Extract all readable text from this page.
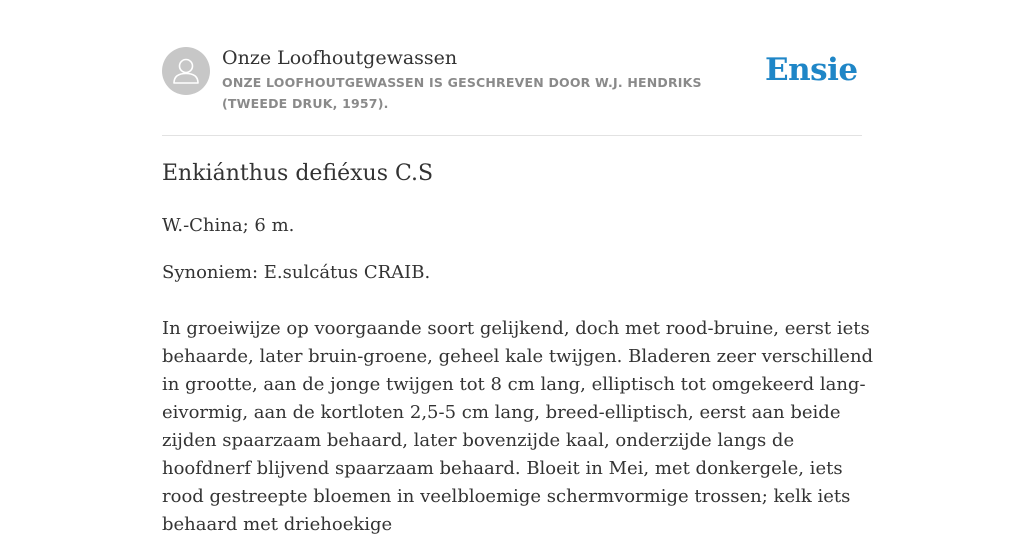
Onze Loofhoutgewassen
ONZE LOOFHOUTGEWASSEN IS GESCHREVEN DOOR W.J. HENDRIKS (TWEEDE DRUK, 1957).
Ensie
Enkiánthus defiéxus C.S

W.-China; 6 m.

Synoniem: E.sulcátus CRAIB.

In groeiwijze op voorgaande soort gelijkend, doch met rood-bruine, eerst iets behaarde, later bruin-groene, geheel kale twijgen. Bladeren zeer verschillend in grootte, aan de jonge twijgen tot 8 cm lang, elliptisch tot omgekeerd lang-eivormig, aan de kortloten 2,5-5 cm lang, breed-elliptisch, eerst aan beide zijden spaarzaam behaard, later bovenzijde kaal, onderzijde langs de hoofdnerf blijvend spaarzaam behaard. Bloeit in Mei, met donkergele, iets rood gestreepte bloemen in veelbloemige schermvormige trossen; kelk iets behaard met driehoekige
